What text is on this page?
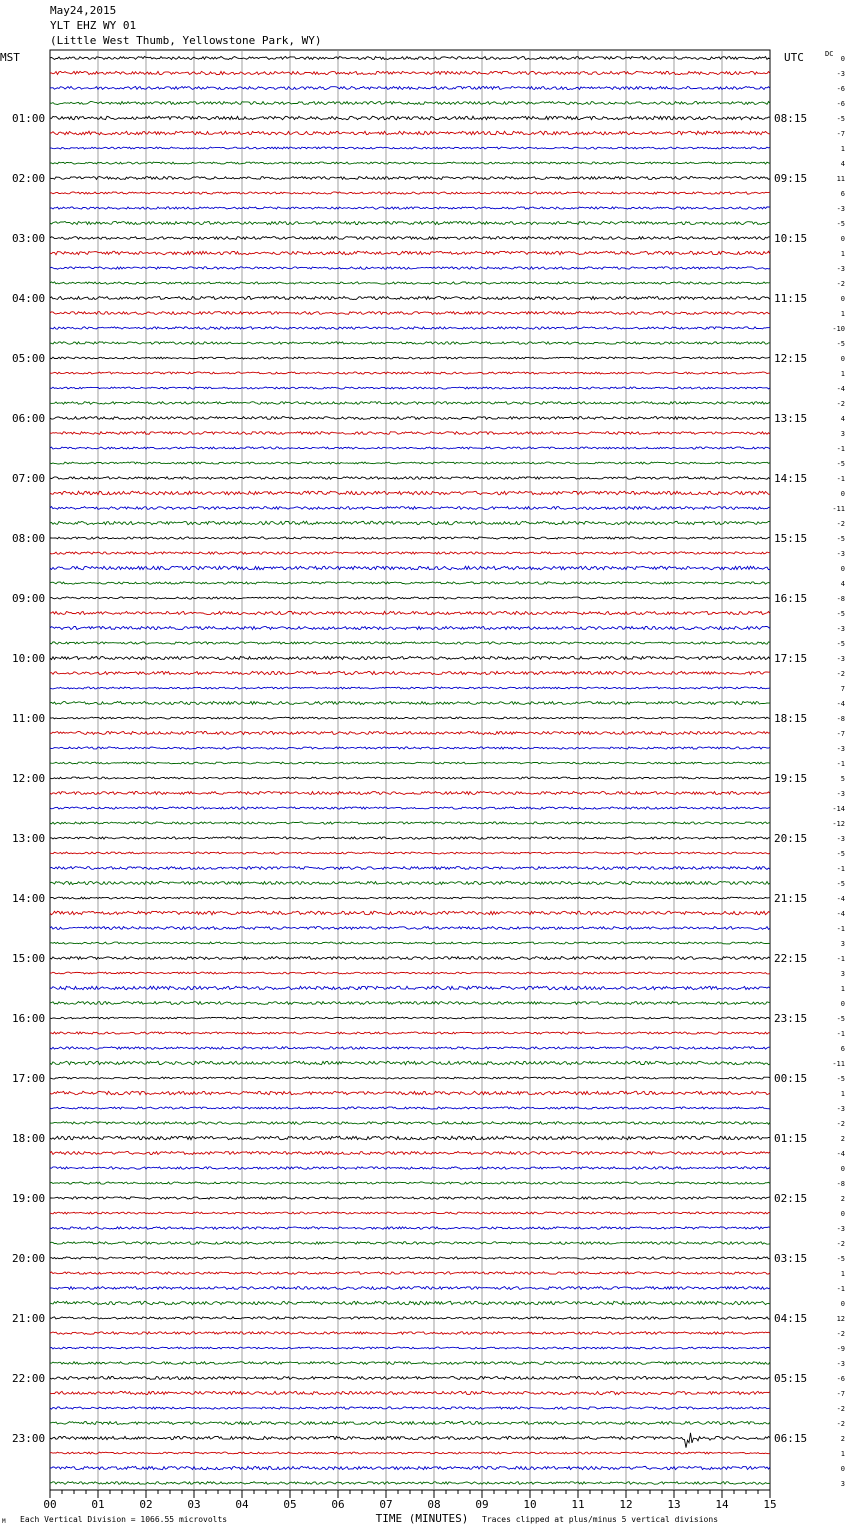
May24,2015
YLT EHZ WY 01
(Little West Thumb, Yellowstone Park, WY)
0
-3
-6
-6
-5
-7
1
4
11
6
-3
-5
0
1
-3
-2
0
1
-10
-5
0
1
-4
-2
4
3
-1
-5
-1
0
-11
-2
-5
-3
0
4
-8
-5
-3
-5
-3
-2
7
-4
-8
-7
-3
-1
5
-3
-14
-12
-3
-5
-1
-5
-4
-4
-1
3
-1
3
1
0
-5
-1
6
-11
-5
1
-3
-2
2
-4
0
-8
2
0
-3
-2
-5
1
-1
0
12
-2
-9
-3
-6
-7
-2
-2
2
1
0
3
01:00	08:15
02:00	09:15
03:00	10:15
04:00	11:15
05:00	12:15
06:00	13:15
07:00	14:15
08:00	15:15
09:00	16:15
10:00	17:15
11:00	18:15
12:00	19:15
13:00	20:15
14:00	21:15
15:00	22:15
16:00	23:15
17:00	00:15
18:00	01:15
19:00	02:15
20:00	03:15
21:00	04:15
22:00	05:15
23:00	06:15
MST	UTC	DC
00	01	02	03	04	05	06	07	08	09	10	11	12	13	14	15
TIME (MINUTES)
Each Vertical Division = 1066.55 microvolts	Traces clipped at plus/minus 5 vertical divisions
M
